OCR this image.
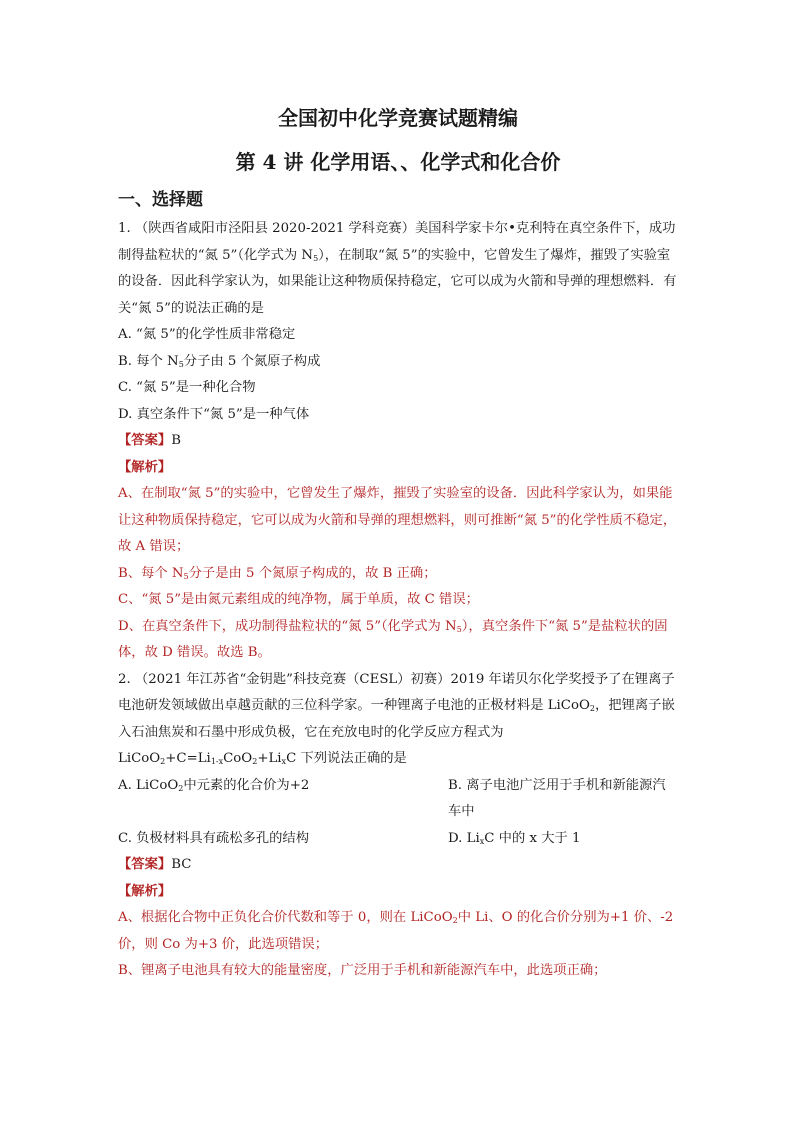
全国初中化学竞赛试题精编
第 4 讲 化学用语、、化学式和化合价
一、选择题
1. （陕西省咸阳市泾阳县 2020-2021 学科竞赛）美国科学家卡尔•克利特在真空条件下，成功制得盐粒状的“氮 5”（化学式为 $N_5$），在制取“氮 5”的实验中，它曾发生了爆炸，摧毁了实验室的设备．因此科学家认为，如果能让这种物质保持稳定，它可以成为火箭和导弹的理想燃料．有关“氮 5”的说法正确的是
A. “氮 5”的化学性质非常稳定
B. 每个 $N_5$分子由 5 个氮原子构成
C. “氮 5”是一种化合物
D. 真空条件下“氮 5”是一种气体
【答案】B
【解析】
A、在制取“氮 5”的实验中，它曾发生了爆炸，摧毁了实验室的设备．因此科学家认为，如果能让这种物质保持稳定，它可以成为火箭和导弹的理想燃料，则可推断“氮 5”的化学性质不稳定，故 A 错误；
B、每个 $N_5$分子是由 5 个氮原子构成的，故 B 正确；
C、“氮 5”是由氮元素组成的纯净物，属于单质，故 C 错误；
D、在真空条件下，成功制得盐粒状的“氮 5”（化学式为 $N_5$），真空条件下“氮 5”是盐粒状的固体，故 D 错误。故选 B。
2. （2021 年江苏省“金钥匙”科技竞赛（CESL）初赛）2019 年诺贝尔化学奖授予了在锂离子电池研发领域做出卓越贡献的三位科学家。一种锂离子电池的正极材料是 LiCoO$_2$，把锂离子嵌入石油焦炭和石墨中形成负极，它在充放电时的化学反应方程式为
$LiCoO_2+C=Li_{1-x}CoO_2+Li_xC$ 下列说法正确的是
A. LiCoO$_2$中元素的化合价为+2	B. 离子电池广泛用于手机和新能源汽车中
C. 负极材料具有疏松多孔的结构	D. $Li_xC$ 中的 x 大于 1
【答案】BC
【解析】
A、根据化合物中正负化合价代数和等于 0，则在 LiCoO$_2$中 Li、O 的化合价分别为+1 价、-2 价，则 Co 为+3 价，此选项错误；
B、锂离子电池具有较大的能量密度，广泛用于手机和新能源汽车中，此选项正确；
